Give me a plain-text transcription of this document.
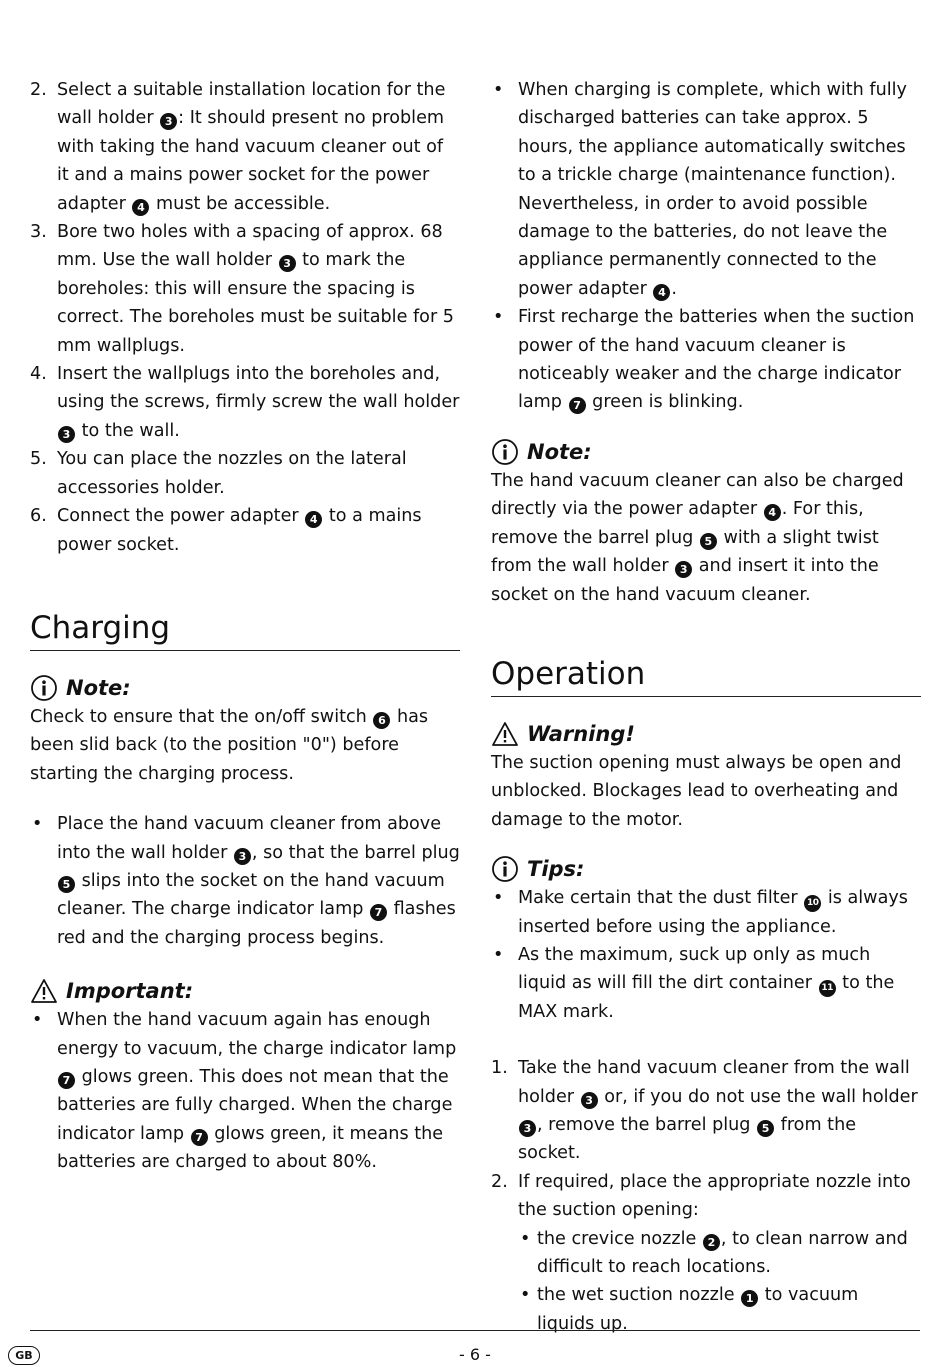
2. Select a suitable installation location for the wall holder 3 : It should present no problem with taking the hand vacuum cleaner out of it and a mains power socket for the power adapter 4 must be accessible.
3. Bore two holes with a spacing of approx. 68 mm. Use the wall holder 3 to mark the boreholes: this will ensure the spacing is correct. The boreholes must be suitable for 5 mm wallplugs.
4. Insert the wallplugs into the boreholes and, using the screws, firmly screw the wall holder 3 to the wall.
5. You can place the nozzles on the lateral accessories holder.
6. Connect the power adapter 4 to a mains power socket.
Charging
Note:

Check to ensure that the on/off switch 6 has been slid back (to the position "0") before starting the charging process.

• Place the hand vacuum cleaner from above into the wall holder 3 , so that the barrel plug 5 slips into the socket on the hand vacuum cleaner. The charge indicator lamp 7 flashes red and the charging process begins.
Important:
• When the hand vacuum again has enough energy to vacuum, the charge indicator lamp 7 glows green. This does not mean that the batteries are fully charged. When the charge indicator lamp 7 glows green, it means the batteries are charged to about 80%.
• When charging is complete, which with fully discharged batteries can take approx. 5 hours, the appliance automatically switches to a trickle charge (maintenance function). Nevertheless, in order to avoid possible damage to the batteries, do not leave the appliance permanently connected to the power adapter 4 .
• First recharge the batteries when the suction power of the hand vacuum cleaner is noticeably weaker and the charge indicator lamp 7 green is blinking.
Note:

The hand vacuum cleaner can also be charged directly via the power adapter 4 . For this, remove the barrel plug 5 with a slight twist from the wall holder 3 and insert it into the socket on the hand vacuum cleaner.

Operation
Warning!

The suction opening must always be open and unblocked. Blockages lead to overheating and damage to the motor.

Tips:
• Make certain that the dust filter 10 is always inserted before using the appliance.
• As the maximum, suck up only as much liquid as will fill the dirt container 11 to the MAX mark.
1. Take the hand vacuum cleaner from the wall holder 3 or, if you do not use the wall holder 3 , remove the barrel plug 5 from the socket.
2. If required, place the appropriate nozzle into the suction opening:
• the crevice nozzle 2 , to clean narrow and difficult to reach locations.
• the wet suction nozzle 1 to vacuum liquids up.
GB	- 6 -
